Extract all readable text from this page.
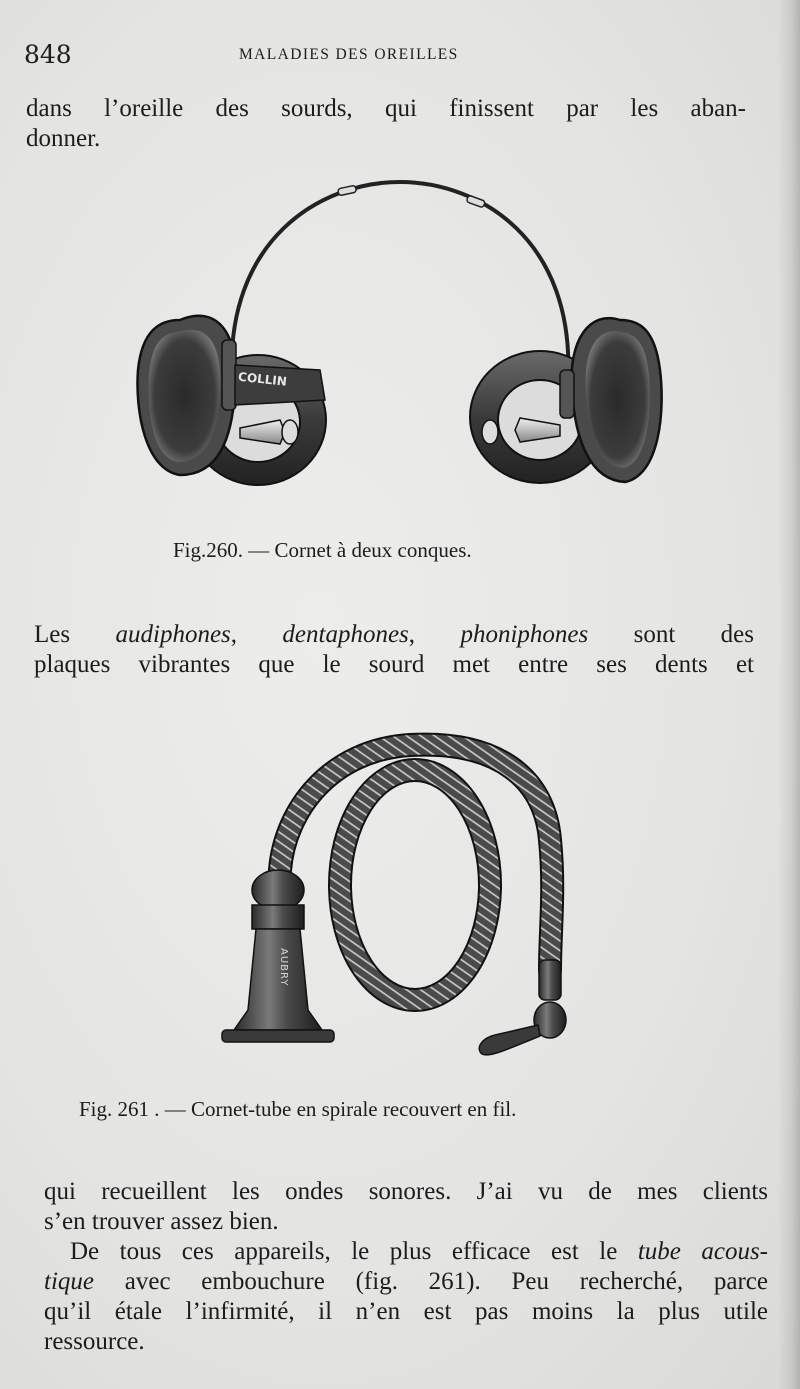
848	MALADIES DES OREILLES
dans l’oreille des sourds, qui finissent par les aban-
donner.
COLLIN
Fig.260. — Cornet à deux conques.
Les audiphones, dentaphones, phoniphones sont des
plaques vibrantes que le sourd met entre ses dents et
AUBRY
Fig. 261 . — Cornet-tube en spirale recouvert en fil.
qui recueillent les ondes sonores. J’ai vu de mes clients
s’en trouver assez bien.
De tous ces appareils, le plus efficace est le tube acous-
tique avec embouchure (fig. 261). Peu recherché, parce
qu’il étale l’infirmité, il n’en est pas moins la plus utile
ressource.
